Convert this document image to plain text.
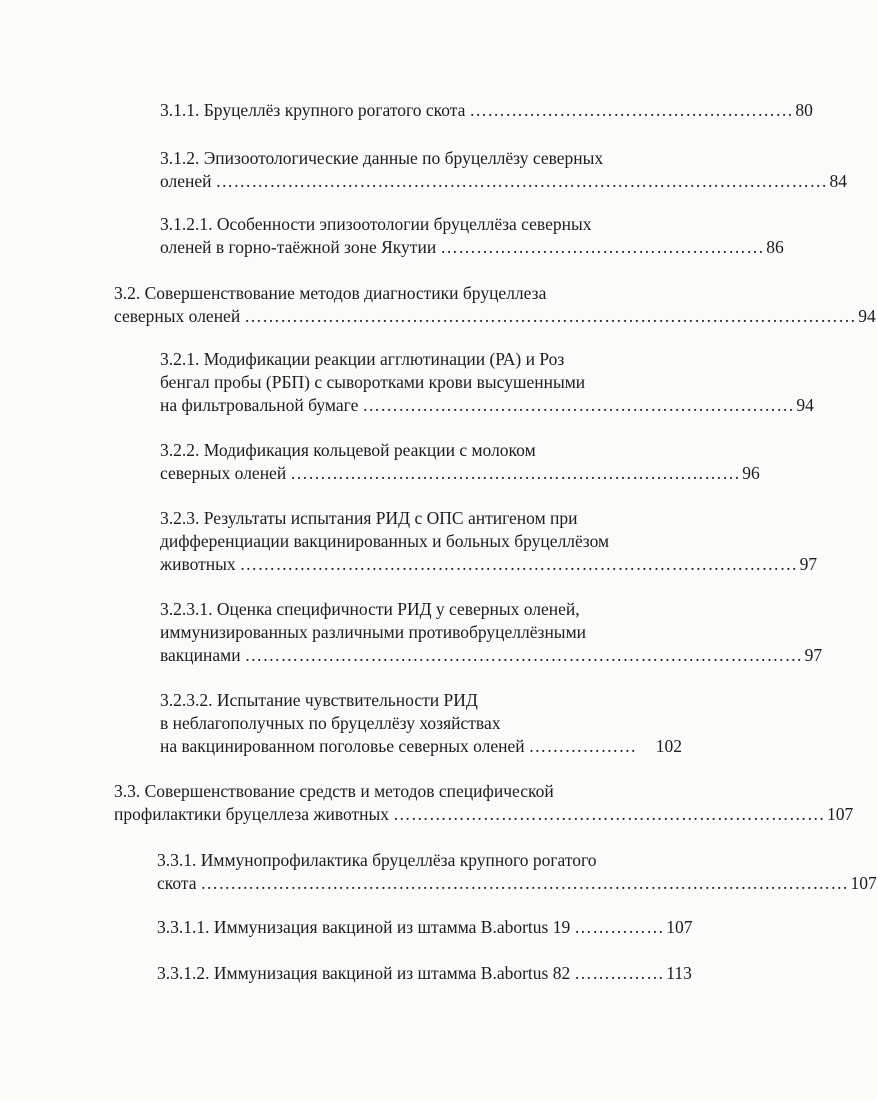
3.1.1. Бруцеллёз крупного рогатого скота ……………………………………………… 80
3.1.2. Эпизоотологические данные по бруцеллёзу северных
оленей ………………………………………………………………………………………… 84
3.1.2.1. Особенности эпизоотологии бруцеллёза северных
оленей в горно-таёжной зоне Якутии ……………………………………………… 86
3.2. Совершенствование методов диагностики бруцеллеза
северных оленей ………………………………………………………………………………………… 94
3.2.1. Модификации реакции агглютинации (РА) и Роз
бенгал пробы (РБП) с сыворотками крови высушенными
на фильтровальной бумаге ……………………………………………………………… 94
3.2.2. Модификация кольцевой реакции с молоком
северных оленей ………………………………………………………………… 96
3.2.3. Результаты испытания РИД с ОПС антигеном при
дифференциации вакцинированных и больных бруцеллёзом
животных ………………………………………………………………………………… 97
3.2.3.1. Оценка специфичности РИД у северных оленей,
иммунизированных различными противобруцеллёзными
вакцинами ………………………………………………………………………………… 97
3.2.3.2. Испытание чувствительности РИД
в неблагополучных по бруцеллёзу хозяйствах
на вакцинированном поголовье северных оленей ………………	102
3.3. Совершенствование средств и методов специфической
профилактики бруцеллеза животных ……………………………………………………………… 107
3.3.1. Иммунопрофилактика бруцеллёза крупного рогатого
скота ……………………………………………………………………………………………… 107
3.3.1.1. Иммунизация вакциной из штамма B.abortus 19 …………… 107
3.3.1.2. Иммунизация вакциной из штамма B.abortus 82 …………… 113
